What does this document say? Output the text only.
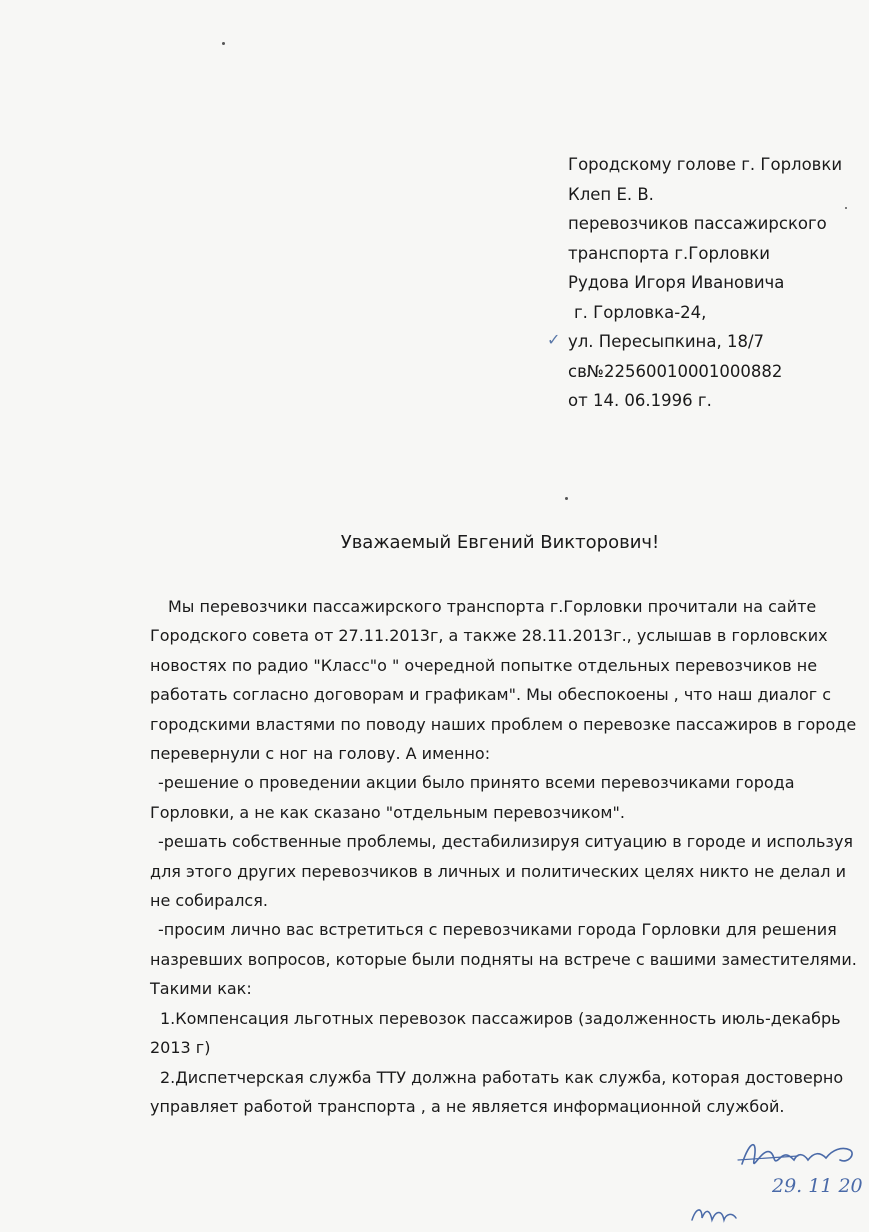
Городскому голове г. Горловки
Клеп Е. В.
перевозчиков пассажирского
транспорта г.Горловки
Рудова Игоря Ивановича
г. Горловка-24,
ул. Пересыпкина, 18/7
св№22560010001000882
от 14. 06.1996 г.
✓
Уважаемый Евгений Викторович!

Мы перевозчики пассажирского транспорта г.Горловки прочитали на сайте Городского совета от 27.11.2013г, а также 28.11.2013г., услышав в горловских новостях по радио "Класс"о " очередной попытке отдельных перевозчиков не работать согласно договорам и графикам". Мы обеспокоены , что наш диалог с городскими властями по поводу наших проблем о перевозке пассажиров в городе перевернули с ног на голову. А именно:

-решение о проведении акции было принято всеми перевозчиками города Горловки, а не как сказано "отдельным перевозчиком".

-решать собственные проблемы, дестабилизируя ситуацию в городе и используя для этого других перевозчиков в личных и политических целях никто не делал и не собирался.

-просим лично вас встретиться с перевозчиками города Горловки для решения назревших вопросов, которые были подняты на встрече с вашими заместителями. Такими как:

1.Компенсация льготных перевозок пассажиров (задолженность июль-декабрь 2013 г)

2.Диспетчерская служба ТТУ должна работать как служба, которая достоверно управляет работой транспорта , а не является информационной службой.

29. 11 20
